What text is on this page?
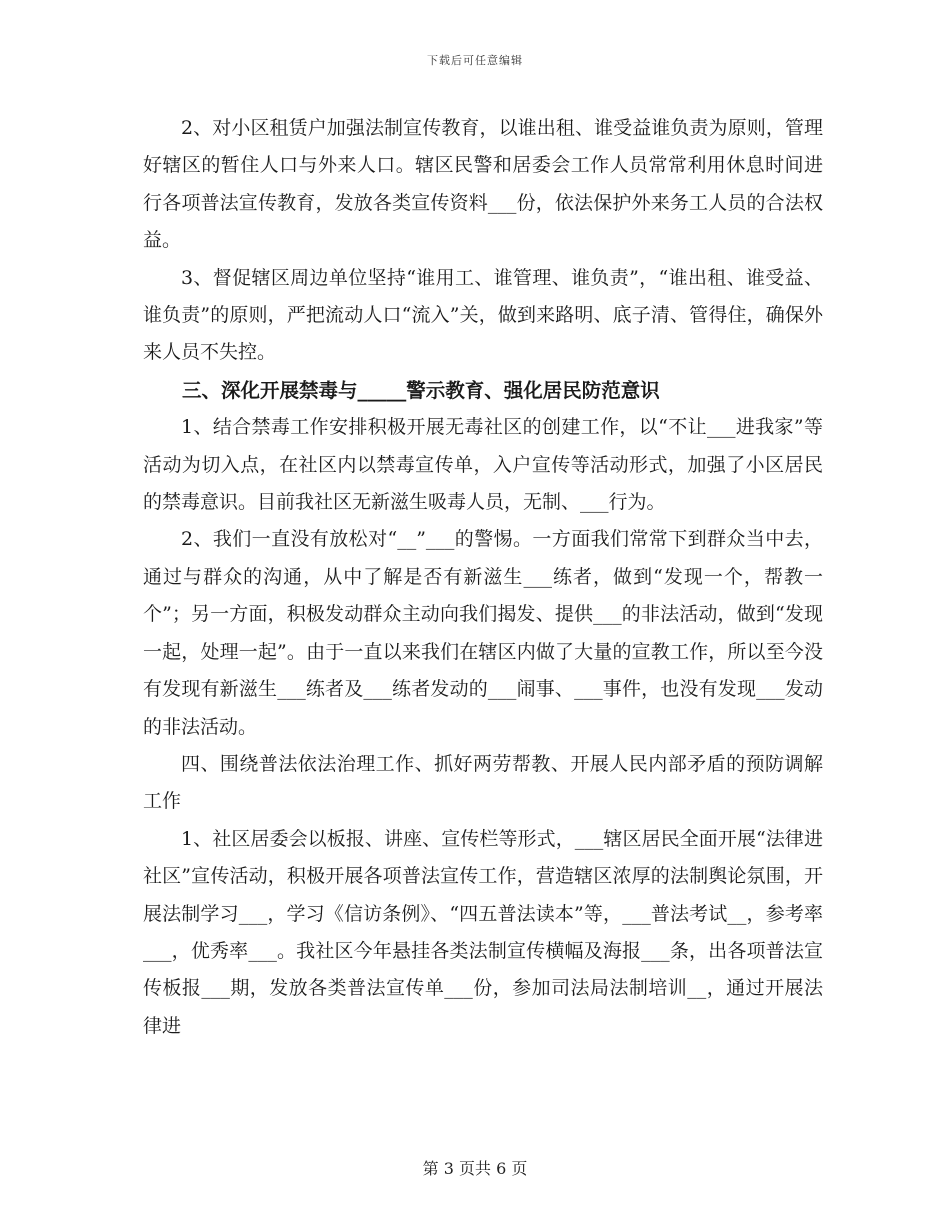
下载后可任意编辑

2、对小区租赁户加强法制宣传教育，以谁出租、谁受益谁负责为原则，管理好辖区的暂住人口与外来人口。辖区民警和居委会工作人员常常利用休息时间进行各项普法宣传教育，发放各类宣传资料___份，依法保护外来务工人员的合法权益。

3、督促辖区周边单位坚持“谁用工、谁管理、谁负责”，“谁出租、谁受益、谁负责”的原则，严把流动人口“流入”关，做到来路明、底子清、管得住，确保外来人员不失控。

三、深化开展禁毒与_____警示教育、强化居民防范意识

1、结合禁毒工作安排积极开展无毒社区的创建工作，以“不让___进我家”等活动为切入点，在社区内以禁毒宣传单，入户宣传等活动形式，加强了小区居民的禁毒意识。目前我社区无新滋生吸毒人员，无制、___行为。

2、我们一直没有放松对“__”___的警惕。一方面我们常常下到群众当中去，通过与群众的沟通，从中了解是否有新滋生___练者，做到“发现一个，帮教一个”；另一方面，积极发动群众主动向我们揭发、提供___的非法活动，做到“发现一起，处理一起”。由于一直以来我们在辖区内做了大量的宣教工作，所以至今没有发现有新滋生___练者及___练者发动的___闹事、___事件，也没有发现___发动的非法活动。

四、围绕普法依法治理工作、抓好两劳帮教、开展人民内部矛盾的预防调解工作

1、社区居委会以板报、讲座、宣传栏等形式，___辖区居民全面开展“法律进社区”宣传活动，积极开展各项普法宣传工作，营造辖区浓厚的法制舆论氛围，开展法制学习___，学习《信访条例》、“四五普法读本”等，___普法考试__，参考率___，优秀率___。我社区今年悬挂各类法制宣传横幅及海报___条，出各项普法宣传板报___期，发放各类普法宣传单___份，参加司法局法制培训__，通过开展法律进

第 3 页共 6 页
